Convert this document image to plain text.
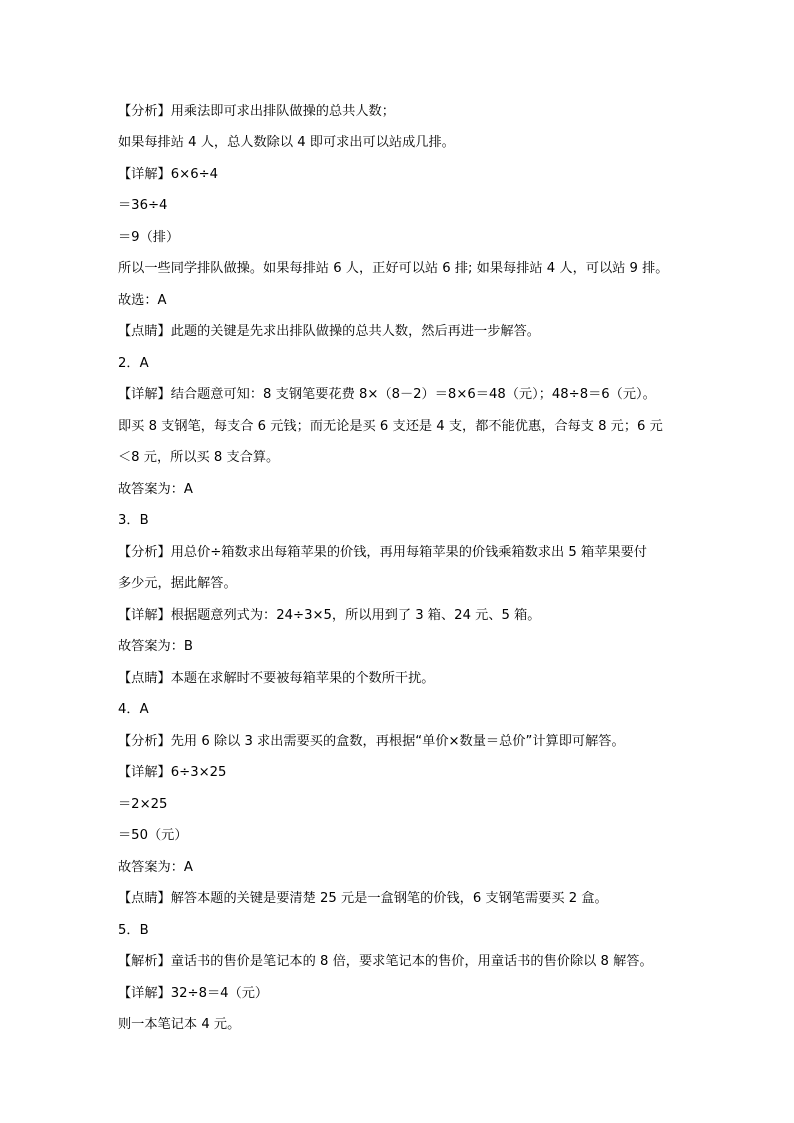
【分析】用乘法即可求出排队做操的总共人数；
如果每排站 4 人，总人数除以 4 即可求出可以站成几排。
【详解】6×6÷4
＝36÷4
＝9（排）
所以一些同学排队做操。如果每排站 6 人，正好可以站 6 排; 如果每排站 4 人，可以站 9 排。
故选：A
【点睛】此题的关键是先求出排队做操的总共人数，然后再进一步解答。
2．A
【详解】结合题意可知：8 支钢笔要花费 8×（8－2）＝8×6＝48（元）；48÷8＝6（元）。
即买 8 支钢笔，每支合 6 元钱；而无论是买 6 支还是 4 支，都不能优惠，合每支 8 元；6 元
＜8 元，所以买 8 支合算。
故答案为：A
3．B
【分析】用总价÷箱数求出每箱苹果的价钱，再用每箱苹果的价钱乘箱数求出 5 箱苹果要付
多少元，据此解答。
【详解】根据题意列式为：24÷3×5，所以用到了 3 箱、24 元、5 箱。
故答案为：B
【点睛】本题在求解时不要被每箱苹果的个数所干扰。
4．A
【分析】先用 6 除以 3 求出需要买的盒数，再根据“单价×数量＝总价”计算即可解答。
【详解】6÷3×25
＝2×25
＝50（元）
故答案为：A
【点睛】解答本题的关键是要清楚 25 元是一盒钢笔的价钱，6 支钢笔需要买 2 盒。
5．B
【解析】童话书的售价是笔记本的 8 倍，要求笔记本的售价，用童话书的售价除以 8 解答。
【详解】32÷8＝4（元）
则一本笔记本 4 元。
